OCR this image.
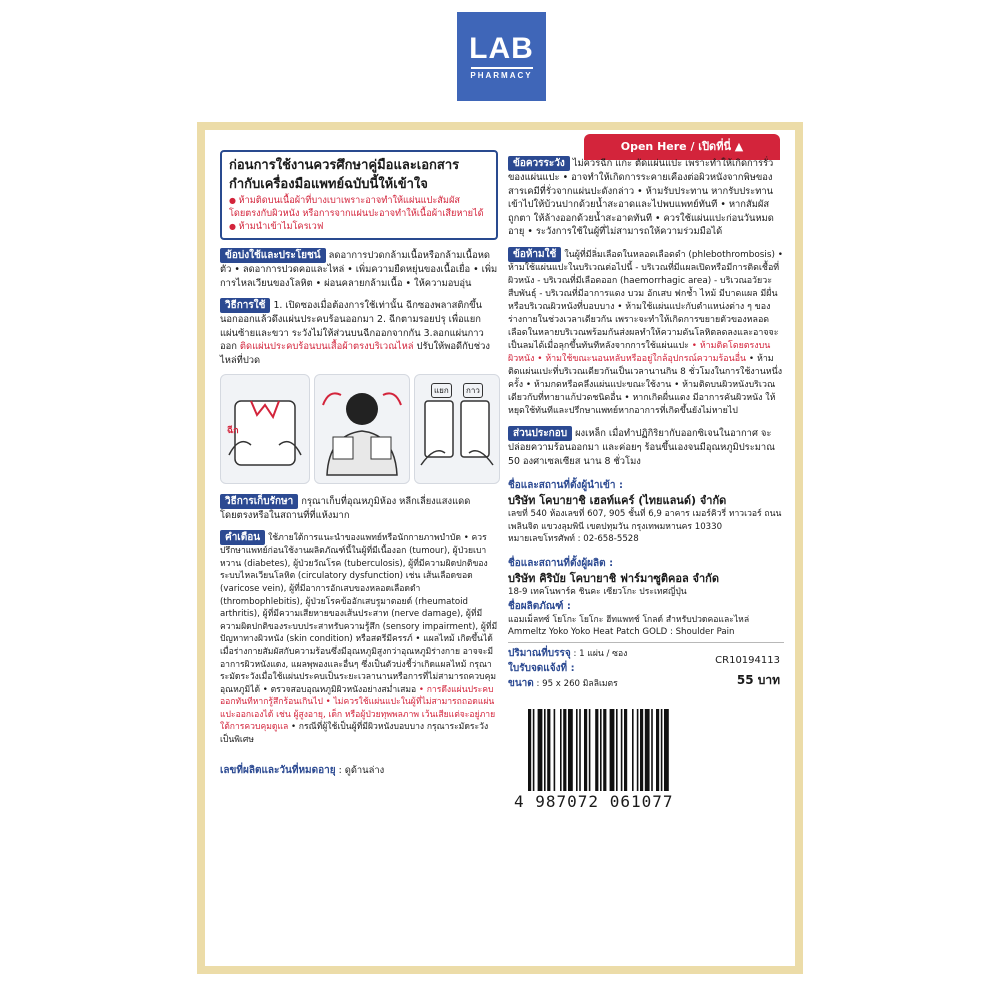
LAB
PHARMACY
Open Here / เปิดที่นี่ ▲
ก่อนการใช้งานควรศึกษาคู่มือและเอกสารกำกับเครื่องมือแพทย์ฉบับนี้ให้เข้าใจ
● ห้ามติดบนเนื้อผ้าที่บางเบาเพราะอาจทำให้แผ่นแปะสัมผัสโดยตรงกับผิวหนัง หรือการจากแผ่นปะอาจทำให้เนื้อผ้าเสียหายได้
● ห้ามนำเข้าไมโครเวฟ
ข้อบ่งใช้และประโยชน์ ลดอาการปวดกล้ามเนื้อหรือกล้ามเนื้อหดตัว • ลดอาการปวดคอและไหล่ • เพิ่มความยืดหยุ่นของเนื้อเยื่อ • เพิ่มการไหลเวียนของโลหิต • ผ่อนคลายกล้ามเนื้อ • ให้ความอบอุ่น
วิธีการใช้ 1. เปิดซองเมื่อต้องการใช้เท่านั้น ฉีกซองพลาสติกขึ้นนอกออกแล้วดึงแผ่นประคบร้อนออกมา 2. ฉีกตามรอยปรุ เพื่อแยกแผ่นซ้ายและขวา ระวังไม่ให้ส่วนบนฉีกออกจากกัน 3.ลอกแผ่นกาวออก ติดแผ่นประคบร้อนบนเสื้อผ้าตรงบริเวณไหล่ ปรับให้พอดีกับช่วงไหล่ที่ปวด
ฉีก
แยก	กาว
วิธีการเก็บรักษา กรุณาเก็บที่อุณหภูมิห้อง หลีกเลี่ยงแสงแดดโดยตรงหรือในสถานที่ที่แห้งมาก
คำเตือน ใช้ภายใต้การแนะนำของแพทย์หรือนักกายภาพบำบัด • ควรปรึกษาแพทย์ก่อนใช้งานผลิตภัณฑ์นี้ในผู้ที่มีเนื้องอก (tumour), ผู้ป่วยเบาหวาน (diabetes), ผู้ป่วยวัณโรค (tuberculosis), ผู้ที่มีความผิดปกติของระบบไหลเวียนโลหิต (circulatory dysfunction) เช่น เส้นเลือดขอด (varicose vein), ผู้ที่มีอาการอักเสบของหลอดเลือดดำ (thrombophlebitis), ผู้ป่วยโรคข้ออักเสบรูมาตอยด์ (rheumatoid arthritis), ผู้ที่มีความเสียหายของเส้นประสาท (nerve damage), ผู้ที่มีความผิดปกติของระบบประสาทรับความรู้สึก (sensory impairment), ผู้ที่มีปัญหาทางผิวหนัง (skin condition) หรือสตรีมีครรภ์ • แผลไหม้ เกิดขึ้นได้เมื่อร่างกายสัมผัสกับความร้อนซึ่งมีอุณหภูมิสูงกว่าอุณหภูมิร่างกาย อาจจะมีอาการผิวหนังแดง, แผลพุพองและอื่นๆ ซึ่งเป็นตัวบ่งชี้ว่าเกิดแผลไหม้ กรุณาระมัดระวังเมื่อใช้แผ่นประคบเป็นระยะเวลานานหรือการที่ไม่สามารถควบคุมอุณหภูมิได้ • ตรวจสอบอุณหภูมิผิวหนังอย่างสม่ำเสมอ • การดึงแผ่นประคบออกทันทีหากรู้สึกร้อนเกินไป • ไม่ควรใช้แผ่นแปะในผู้ที่ไม่สามารถถอดแผ่นแปะออกเองได้ เช่น ผู้สูงอายุ, เด็ก หรือผู้ป่วยทุพพลภาพ เว้นเสียแต่จะอยู่ภายใต้การควบคุมดูแล • กรณีที่ผู้ใช้เป็นผู้ที่มีผิวหนังบอบบาง กรุณาระมัดระวังเป็นพิเศษ
เลขที่ผลิตและวันที่หมดอายุ : ดูด้านล่าง
ข้อควรระวัง ไม่ควรฉีก แกะ ตัดแผ่นแปะ เพราะทำให้เกิดการรั่วของแผ่นแปะ • อาจทำให้เกิดการระคายเคืองต่อผิวหนังจากพิษของสารเคมีที่รั่วจากแผ่นปะดังกล่าว • ห้ามรับประทาน หากรับประทานเข้าไปให้บ้วนปากด้วยน้ำสะอาดและไปพบแพทย์ทันที • หากสัมผัสถูกตา ให้ล้างออกด้วยน้ำสะอาดทันที • ควรใช้แผ่นแปะก่อนวันหมดอายุ • ระวังการใช้ในผู้ที่ไม่สามารถให้ความร่วมมือได้
ข้อห้ามใช้ ในผู้ที่มีลิ่มเลือดในหลอดเลือดดำ (phlebothrombosis) • ห้ามใช้แผ่นแปะในบริเวณต่อไปนี้ - บริเวณที่มีแผลเปิดหรือมีการติดเชื้อที่ผิวหนัง - บริเวณที่มีเลือดออก (haemorrhagic area) - บริเวณอวัยวะสืบพันธุ์ - บริเวณที่มีอาการแดง บวม อักเสบ ฟกช้ำ ไหม้ มีบาดแผล มีผื่น หรือบริเวณผิวหนังที่บอบบาง • ห้ามใช้แผ่นแปะกับตำแหน่งต่าง ๆ ของร่างกายในช่วงเวลาเดียวกัน เพราะจะทำให้เกิดการขยายตัวของหลอดเลือดในหลายบริเวณพร้อมกันส่งผลทำให้ความดันโลหิตลดลงและอาจจะเป็นลมได้เมื่อลุกขึ้นทันทีหลังจากการใช้แผ่นแปะ • ห้ามติดโดยตรงบนผิวหนัง • ห้ามใช้ขณะนอนหลับหรืออยู่ใกล้อุปกรณ์ความร้อนอื่น • ห้ามติดแผ่นแปะที่บริเวณเดียวกันเป็นเวลานานกิน 8 ชั่วโมงในการใช้งานหนึ่งครั้ง • ห้ามกดหรือคลึงแผ่นแปะขณะใช้งาน • ห้ามติดบนผิวหนังบริเวณเดียวกับที่ทายาแก้ปวดชนิดอื่น • หากเกิดผื่นแดง มีอาการคันผิวหนัง ให้หยุดใช้ทันทีและปรึกษาแพทย์หากอาการที่เกิดขึ้นยังไม่หายไป
ส่วนประกอบ ผงเหล็ก เมื่อทำปฏิกิริยากับออกซิเจนในอากาศ จะปล่อยความร้อนออกมา และค่อยๆ ร้อนขึ้นเองจนมีอุณหภูมิประมาณ 50 องศาเซลเซียส นาน 8 ชั่วโมง
ชื่อและสถานที่ตั้งผู้นำเข้า :
บริษัท โคบายาชิ เฮลท์แคร์ (ไทยแลนด์) จำกัด
เลขที่ 540 ห้องเลขที่ 607, 905 ชั้นที่ 6,9 อาคาร เมอร์คิวรี่ ทาวเวอร์ ถนนเพลินจิต แขวงลุมพินี เขตปทุมวัน กรุงเทพมหานคร 10330
หมายเลขโทรศัพท์ : 02-658-5528
ชื่อและสถานที่ตั้งผู้ผลิต :
บริษัท คิริบัย โคบายาชิ ฟาร์มาซูติคอล จำกัด
18-9 เทคโนพาร์ค ชินคะ เซียวโกะ ประเทศญี่ปุ่น
ชื่อผลิตภัณฑ์ :
แอมเม็ลทซ์ โยโกะ โยโกะ ฮีทแพทช์ โกลด์ สำหรับปวดคอและไหล่
Ammeltz Yoko Yoko Heat Patch GOLD : Shoulder Pain
ปริมาณที่บรรจุ : 1 แผ่น / ซอง
ใบรับจดแจ้งที่ :
CR10194113
ขนาด : 95 x 260 มิลลิเมตร	55 บาท
4 987072 061077
